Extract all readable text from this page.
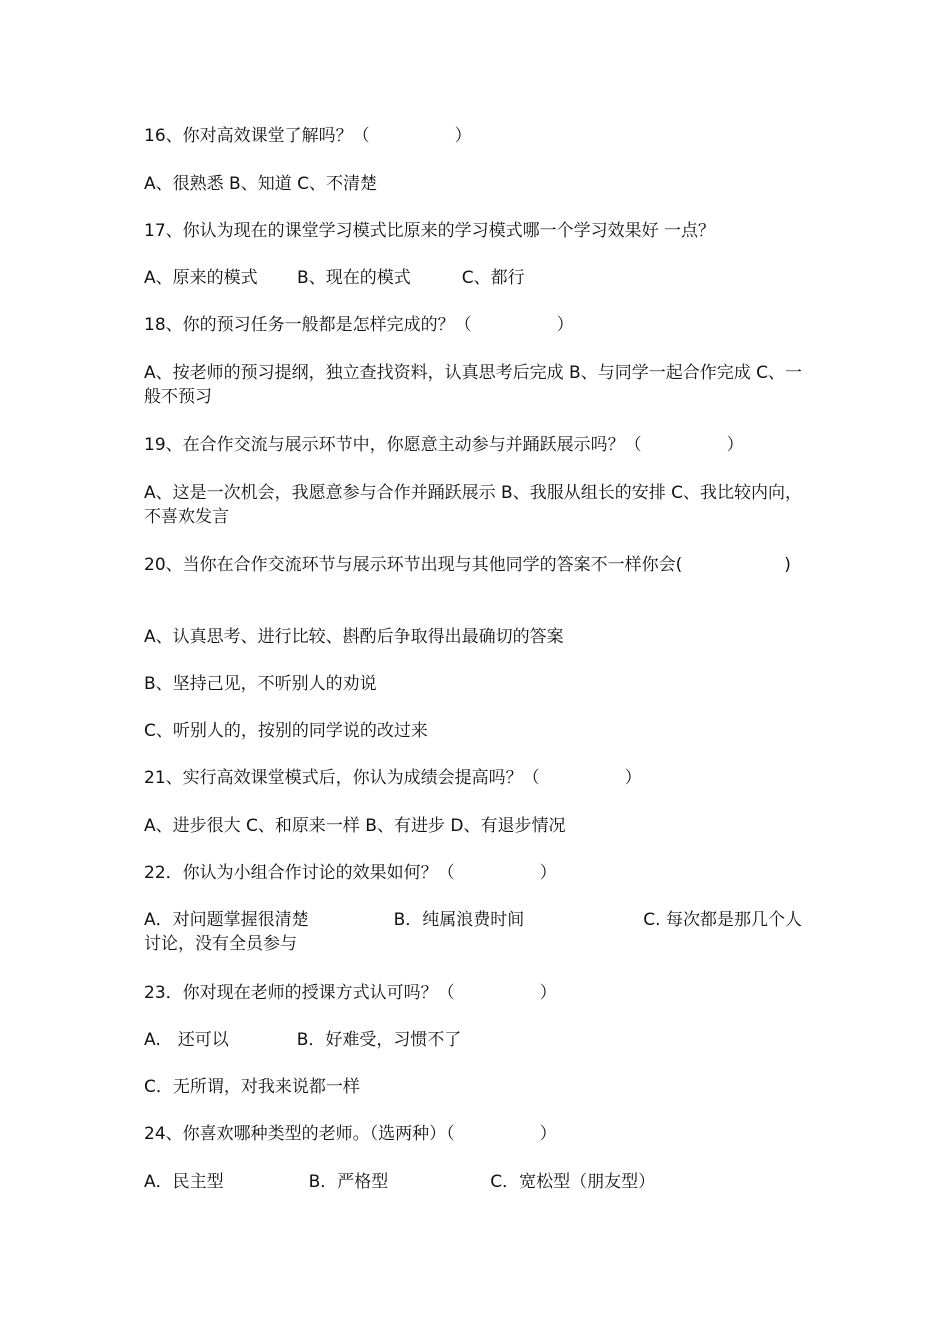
16、你对高效课堂了解吗？（　　　　　）
A、很熟悉 B、知道 C、不清楚
17、你认为现在的课堂学习模式比原来的学习模式哪一个学习效果好 一点？
A、原来的模式　　 B、现在的模式　　　C、都行
18、你的预习任务一般都是怎样完成的？（　　　　　）
A、按老师的预习提纲，独立查找资料，认真思考后完成 B、与同学一起合作完成 C、一般不预习
19、在合作交流与展示环节中，你愿意主动参与并踊跃展示吗？（　　　　　）
A、这是一次机会，我愿意参与合作并踊跃展示 B、我服从组长的安排 C、我比较内向，不喜欢发言
20、当你在合作交流环节与展示环节出现与其他同学的答案不一样你会(　　　　　　)
A、认真思考、进行比较、斟酌后争取得出最确切的答案
B、坚持己见，不听别人的劝说
C、听别人的，按别的同学说的改过来
21、实行高效课堂模式后，你认为成绩会提高吗？（　　　　　）
A、进步很大 C、和原来一样 B、有进步 D、有退步情况
22．你认为小组合作讨论的效果如何？（　　　　　）
A．对问题掌握很清楚　　　　　B．纯属浪费时间　　　　　　　C. 每次都是那几个人讨论，没有全员参与
23．你对现在老师的授课方式认可吗？（　　　　　）
A.　还可以　　　　B．好难受，习惯不了
C．无所谓，对我来说都一样
24、你喜欢哪种类型的老师。（选两种）（　　　　　）
A．民主型　　　　　B．严格型　　　　　　C．宽松型（朋友型）
